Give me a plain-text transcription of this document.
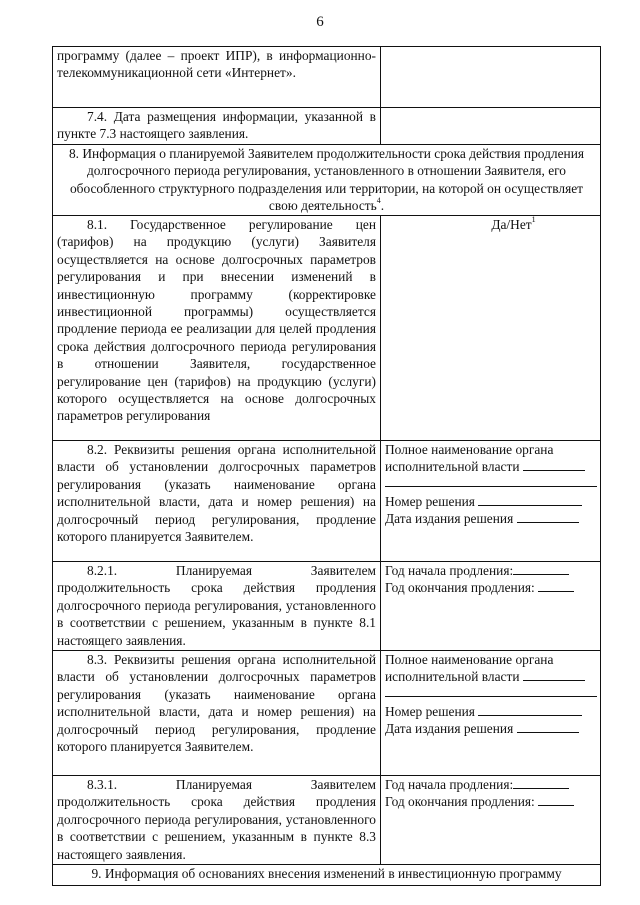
6
программу (далее – проект ИПР), в информационно-телекоммуникационной сети «Интернет».
7.4. Дата размещения информации, указанной в пункте 7.3 настоящего заявления.
8. Информация о планируемой Заявителем продолжительности срока действия продления долгосрочного периода регулирования, установленного в отношении Заявителя, его обособленного структурного подразделения или территории, на которой он осуществляет свою деятельность$^4$.
8.1. Государственное регулирование цен (тарифов) на продукцию (услуги) Заявителя осуществляется на основе долгосрочных параметров регулирования и при внесении изменений в инвестиционную программу (корректировке инвестиционной программы) осуществляется продление периода ее реализации для целей продления срока действия долгосрочного периода регулирования в отношении Заявителя, государственное регулирование цен (тарифов) на продукцию (услуги) которого осуществляется на основе долгосрочных параметров регулирования
Да/Нет$^1$
8.2. Реквизиты решения органа исполнительной власти об установлении долгосрочных параметров регулирования (указать наименование органа исполнительной власти, дата и номер решения) на долгосрочный период регулирования, продление которого планируется Заявителем.
Полное наименование органа
исполнительной власти
Номер решения
Дата издания решения
8.2.1. Планируемая Заявителем продолжительность срока действия продления долгосрочного периода регулирования, установленного в соответствии с решением, указанным в пункте 8.1 настоящего заявления.
Год начала продления:
Год окончания продления:
8.3. Реквизиты решения органа исполнительной власти об установлении долгосрочных параметров регулирования (указать наименование органа исполнительной власти, дата и номер решения) на долгосрочный период регулирования, продление которого планируется Заявителем.
Полное наименование органа
исполнительной власти
Номер решения
Дата издания решения
8.3.1. Планируемая Заявителем продолжительность срока действия продления долгосрочного периода регулирования, установленного в соответствии с решением, указанным в пункте 8.3 настоящего заявления.
Год начала продления:
Год окончания продления:
9. Информация об основаниях внесения изменений в инвестиционную программу
